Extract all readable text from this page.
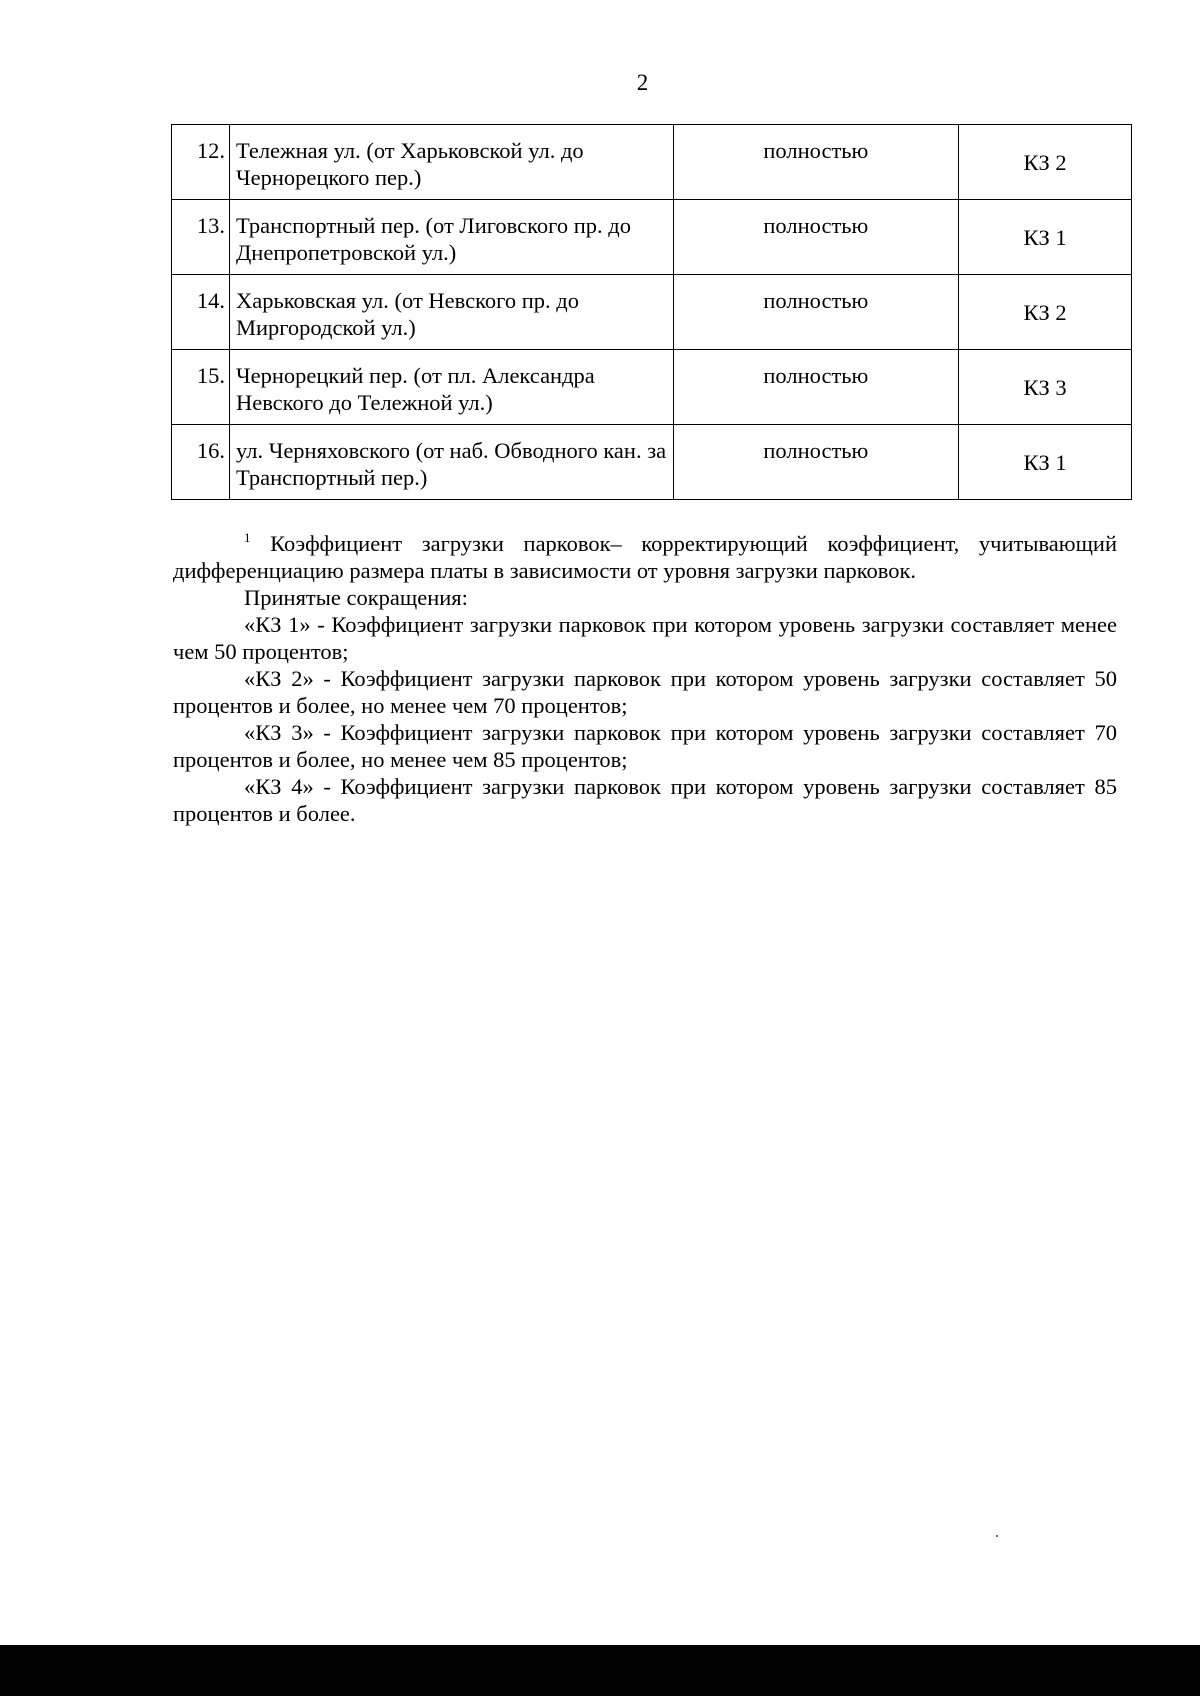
2
12.	Тележная ул. (от Харьковской ул. до Чернорецкого пер.)	полностью	КЗ 2
13.	Транспортный пер. (от Лиговского пр. до Днепропетровской ул.)	полностью	КЗ 1
14.	Харьковская ул. (от Невского пр. до Миргородской ул.)	полностью	КЗ 2
15.	Чернорецкий пер. (от пл. Александра Невского до Тележной ул.)	полностью	КЗ 3
16.	ул. Черняховского (от наб. Обводного кан. за Транспортный пер.)	полностью	КЗ 1

$^1$ Коэффициент загрузки парковок– корректирующий коэффициент, учитывающий дифференциацию размера платы в зависимости от уровня загрузки парковок.

Принятые сокращения:

«КЗ 1» - Коэффициент загрузки парковок при котором уровень загрузки составляет менее чем 50 процентов;

«КЗ 2» - Коэффициент загрузки парковок при котором уровень загрузки составляет 50 процентов и более, но менее чем 70 процентов;

«КЗ 3» - Коэффициент загрузки парковок при котором уровень загрузки составляет 70 процентов и более, но менее чем 85 процентов;

«КЗ 4» - Коэффициент загрузки парковок при котором уровень загрузки составляет 85 процентов и более.
